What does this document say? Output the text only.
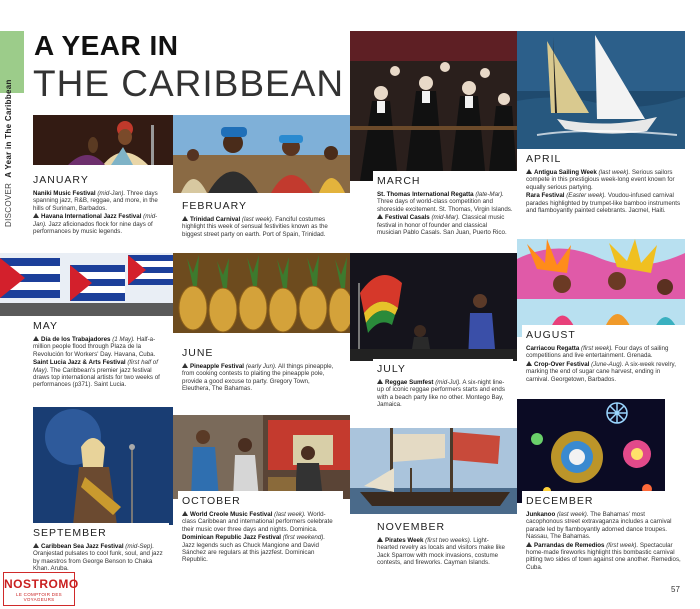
DISCOVER  A Year in The Caribbean
A YEAR IN
THE CARIBBEAN
JANUARY
Naniki Music Festival (mid-Jan). Three days spanning jazz, R&B, reggae, and more, in the hills of Surinam, Barbados.
Havana International Jazz Festival (mid-Jan). Jazz aficionados flock for nine days of performances by music legends.
FEBRUARY
Trinidad Carnival (last week). Fanciful costumes highlight this week of sensual festivities known as the biggest street party on earth. Port of Spain, Trinidad.
MARCH
St. Thomas International Regatta (late-Mar). Three days of world-class competition and shoreside excitement. St. Thomas, Virgin Islands.
Festival Casals (mid-Mar). Classical music festival in honor of founder and classical musician Pablo Casals. San Juan, Puerto Rico.
APRIL
Antigua Sailing Week (last week). Serious sailors compete in this prestigious week-long event known for equally serious partying.
Rara Festival (Easter week). Voudou-infused carnival parades highlighted by trumpet-like bamboo instruments and flamboyantly painted celebrants. Jacmel, Haiti.
MAY
Día de los Trabajadores (1 May). Half-a-million people flood through Plaza de la Revolución for Workers' Day. Havana, Cuba.
Saint Lucia Jazz & Arts Festival (first half of May). The Caribbean's premier jazz festival draws top international artists for two weeks of performances (p371). Saint Lucia.
JUNE
Pineapple Festival (early Jun). All things pineapple, from cooking contests to plaiting the pineapple pole, provide a good excuse to party. Gregory Town, Eleuthera, The Bahamas.
JULY
Reggae Sumfest (mid-Jul). A six-night line-up of iconic reggae performers starts and ends with a beach party like no other. Montego Bay, Jamaica.
AUGUST
Carriacou Regatta (first week). Four days of sailing competitions and live entertainment. Grenada.
Crop-Over Festival (June-Aug). A six-week revelry, marking the end of sugar cane harvest, ending in carnival. Georgetown, Barbados.
SEPTEMBER
Caribbean Sea Jazz Festival (mid-Sep). Oranjestad pulsates to cool funk, soul, and jazz by maestros from George Benson to Chaka Khan. Aruba.
OCTOBER
World Creole Music Festival (last week). World-class Caribbean and international performers celebrate their music over three days and nights. Dominica.
Dominican Republic Jazz Festival (first weekend). Jazz legends such as Chuck Mangione and David Sánchez are regulars at this jazzfest. Dominican Republic.
NOVEMBER
Pirates Week (first two weeks). Light-hearted revelry as locals and visitors make like Jack Sparrow with mock invasions, costume contests, and fireworks. Cayman Islands.
DECEMBER
Junkanoo (last week). The Bahamas' most cacophonous street extravaganza includes a carnival parade led by flamboyantly adorned dance troupes. Nassau, The Bahamas.
Parrandas de Remedios (first week). Spectacular home-made fireworks highlight this bombastic carnival pitting two sides of town against one another. Remedios, Cuba.
57
NOSTROMO
LE COMPTOIR DES VOYAGEURS
